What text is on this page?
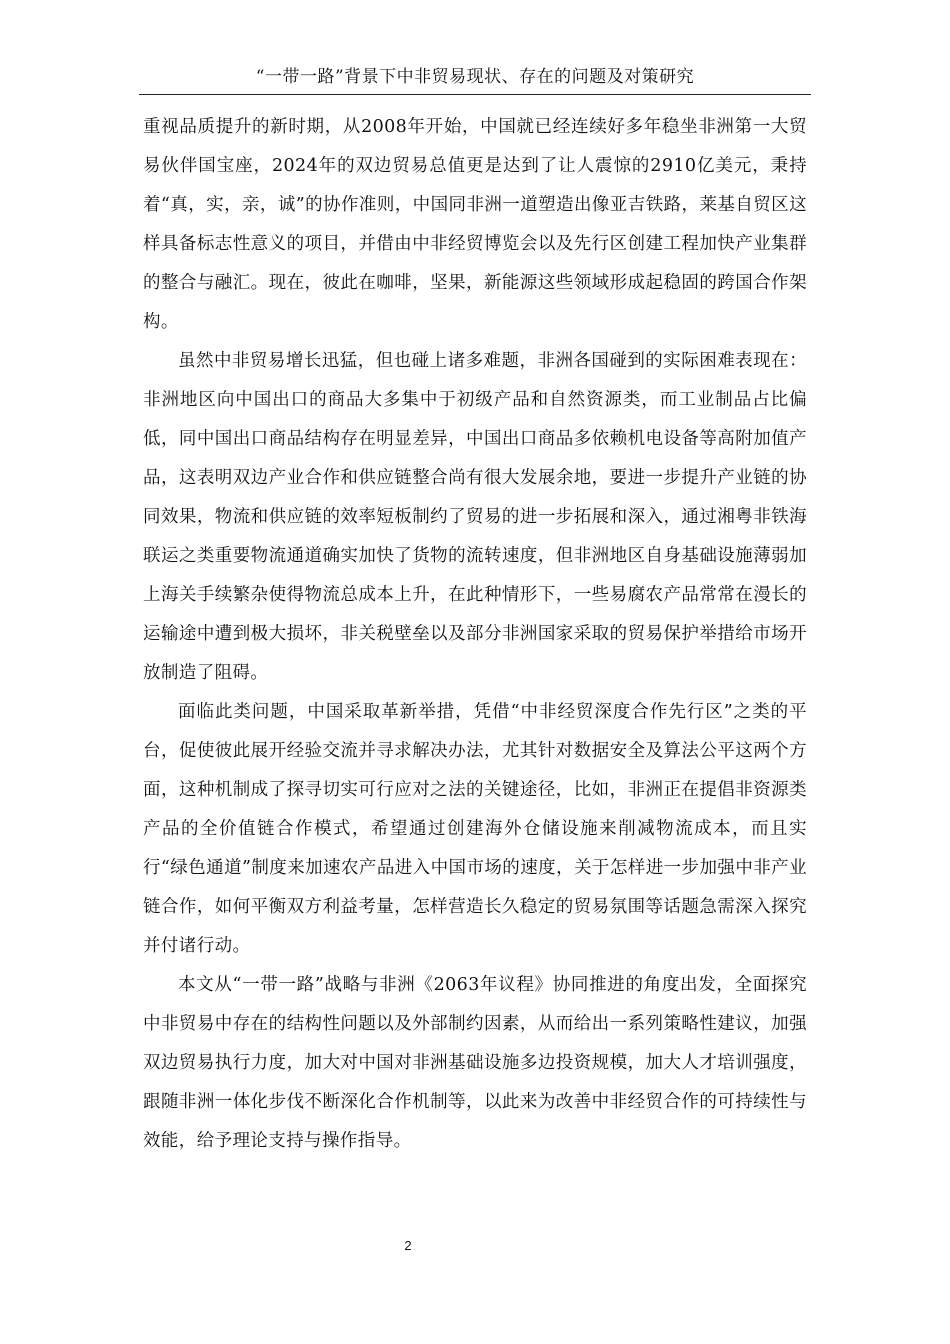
“一带一路”背景下中非贸易现状、存在的问题及对策研究

重视品质提升的新时期，从2008年开始，中国就已经连续好多年稳坐非洲第一大贸易伙伴国宝座，2024年的双边贸易总值更是达到了让人震惊的2910亿美元，秉持着“真，实，亲，诚”的协作准则，中国同非洲一道塑造出像亚吉铁路，莱基自贸区这样具备标志性意义的项目，并借由中非经贸博览会以及先行区创建工程加快产业集群的整合与融汇。现在，彼此在咖啡，坚果，新能源这些领域形成起稳固的跨国合作架构。

虽然中非贸易增长迅猛，但也碰上诸多难题，非洲各国碰到的实际困难表现在：非洲地区向中国出口的商品大多集中于初级产品和自然资源类，而工业制品占比偏低，同中国出口商品结构存在明显差异，中国出口商品多依赖机电设备等高附加值产品，这表明双边产业合作和供应链整合尚有很大发展余地，要进一步提升产业链的协同效果，物流和供应链的效率短板制约了贸易的进一步拓展和深入，通过湘粤非铁海联运之类重要物流通道确实加快了货物的流转速度，但非洲地区自身基础设施薄弱加上海关手续繁杂使得物流总成本上升，在此种情形下，一些易腐农产品常常在漫长的运输途中遭到极大损坏，非关税壁垒以及部分非洲国家采取的贸易保护举措给市场开放制造了阻碍。

面临此类问题，中国采取革新举措，凭借“中非经贸深度合作先行区”之类的平台，促使彼此展开经验交流并寻求解决办法，尤其针对数据安全及算法公平这两个方面，这种机制成了探寻切实可行应对之法的关键途径，比如，非洲正在提倡非资源类产品的全价值链合作模式，希望通过创建海外仓储设施来削减物流成本，而且实行“绿色通道”制度来加速农产品进入中国市场的速度，关于怎样进一步加强中非产业链合作，如何平衡双方利益考量，怎样营造长久稳定的贸易氛围等话题急需深入探究并付诸行动。

本文从“一带一路”战略与非洲《2063年议程》协同推进的角度出发，全面探究中非贸易中存在的结构性问题以及外部制约因素，从而给出一系列策略性建议，加强双边贸易执行力度，加大对中国对非洲基础设施多边投资规模，加大人才培训强度，跟随非洲一体化步伐不断深化合作机制等，以此来为改善中非经贸合作的可持续性与效能，给予理论支持与操作指导。

2
